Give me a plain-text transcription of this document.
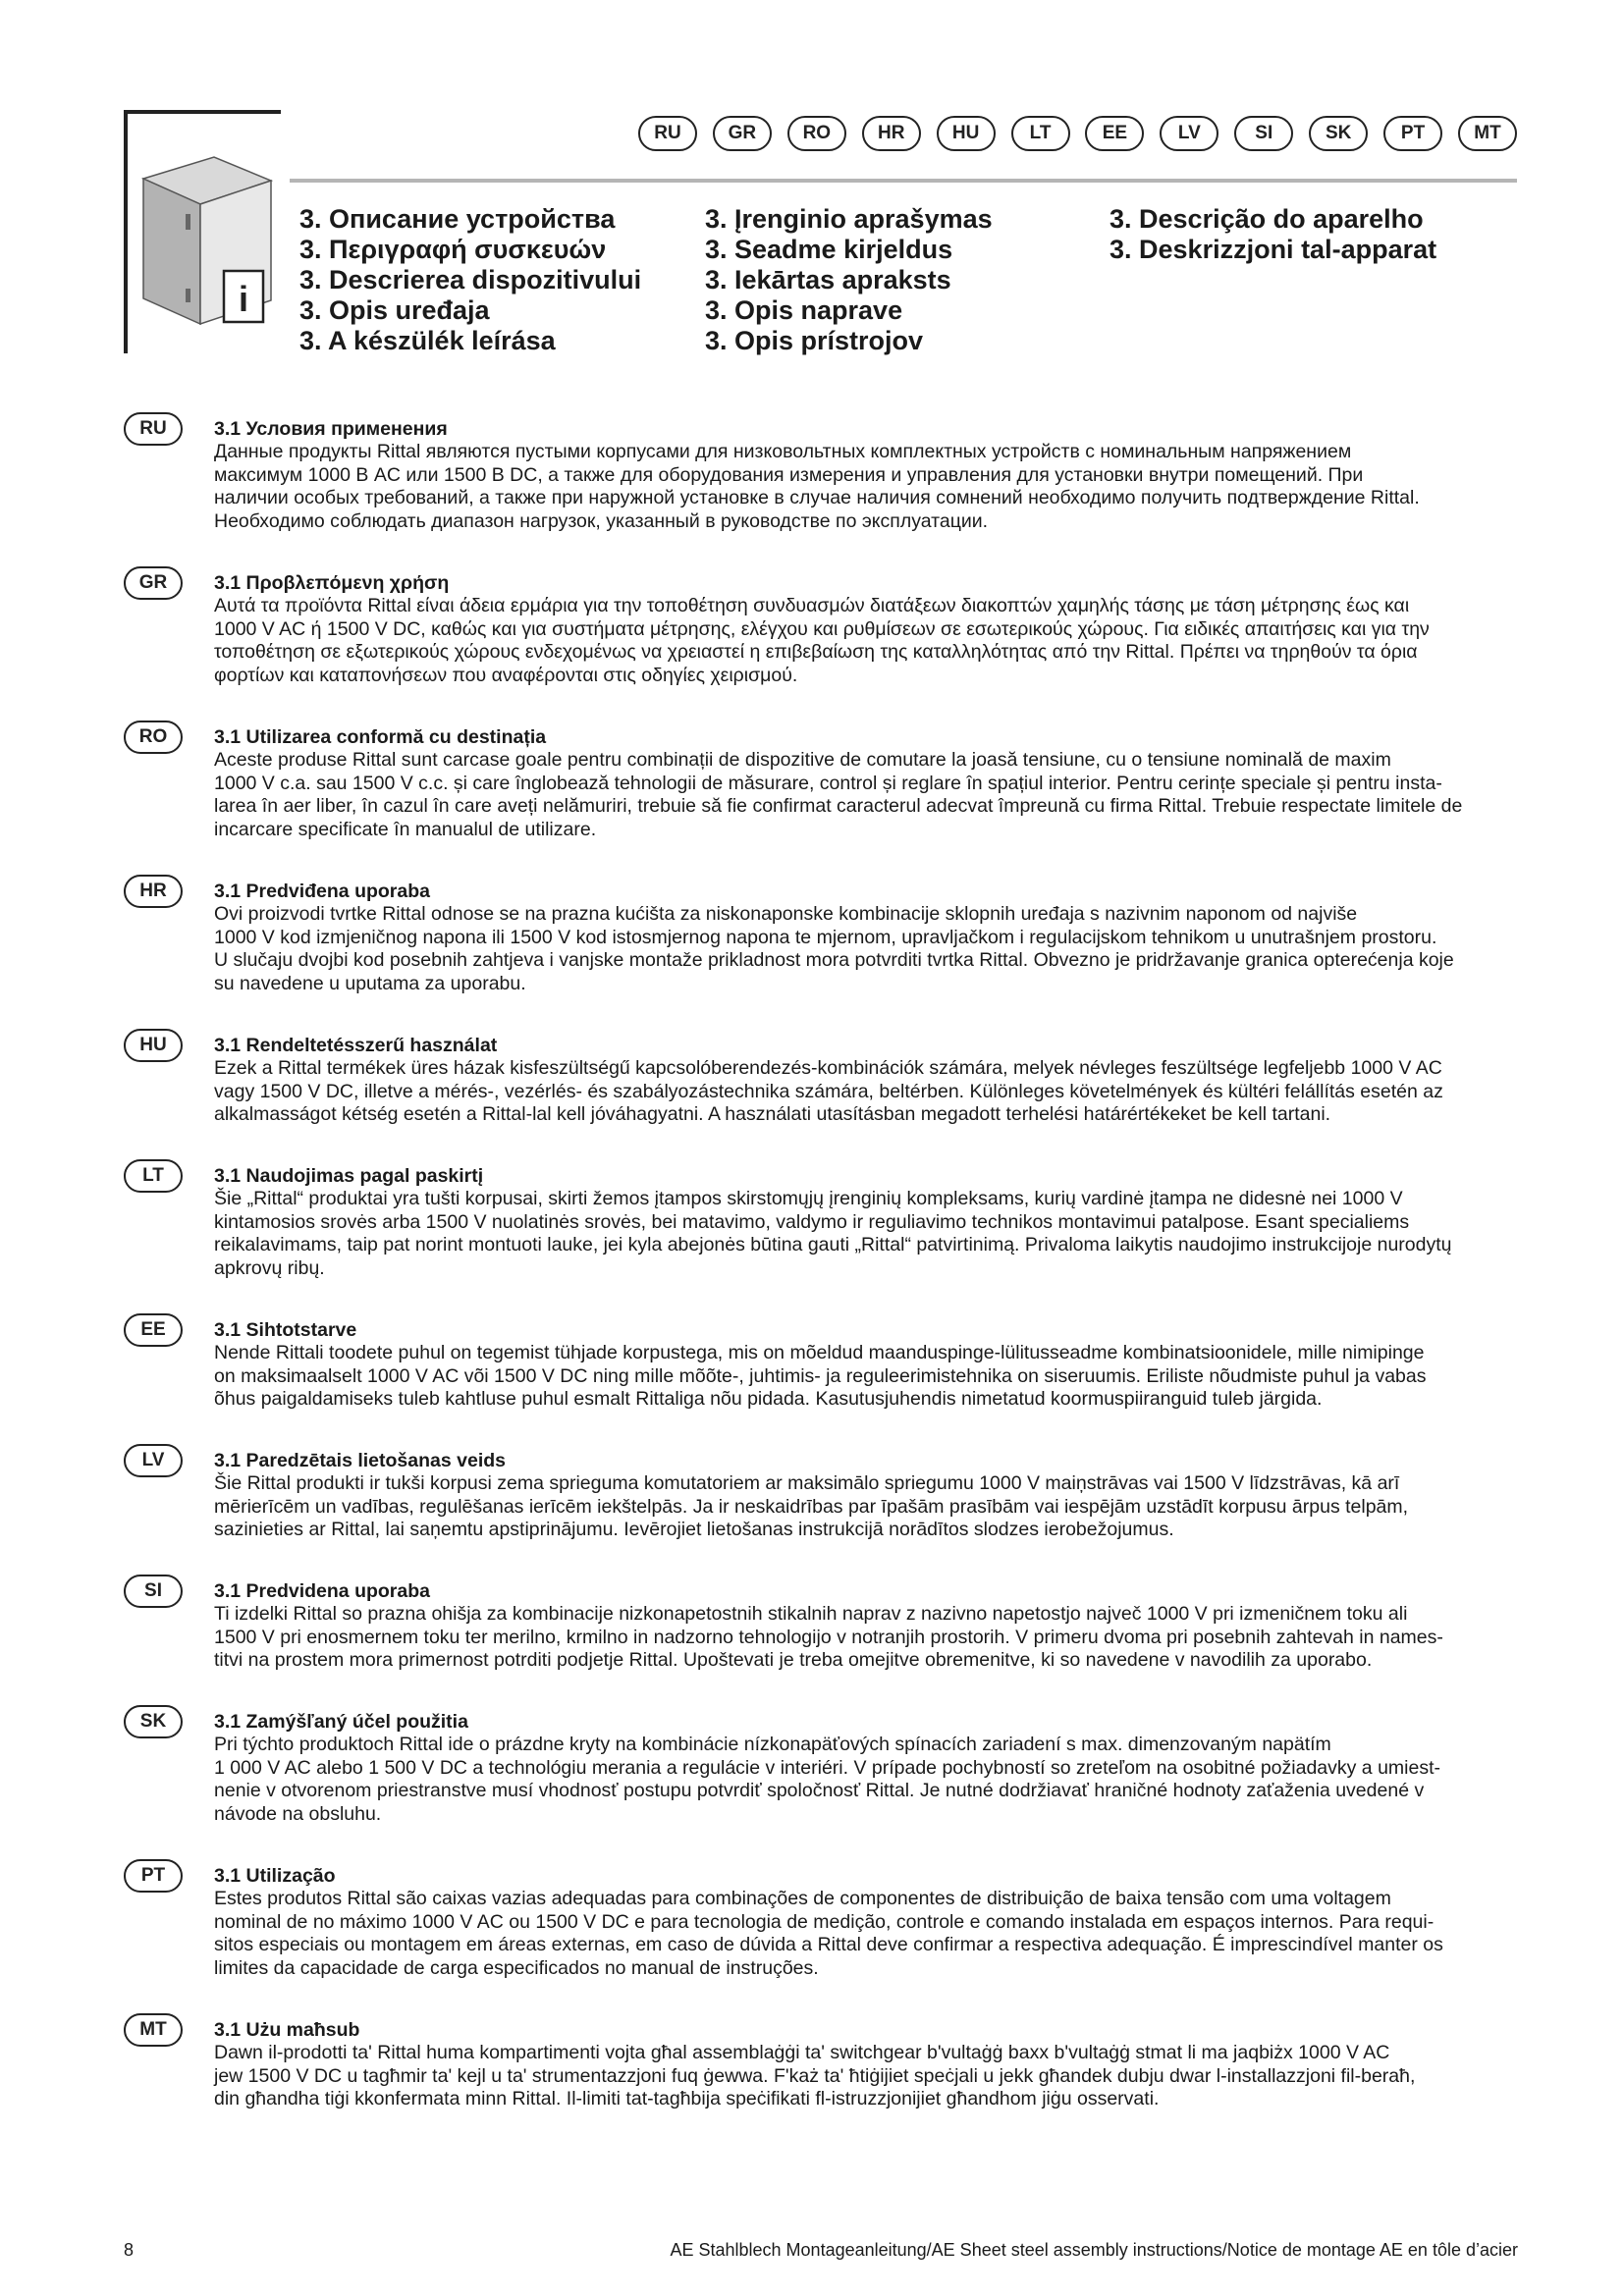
RU	GR	RO	HR	HU	LT	EE	LV	SI	SK	PT	MT
i
3. Описание устройства
3. Περιγραφή συσκευών
3. Descrierea dispozitivului
3. Opis uređaja
3. A készülék leírása
3. Įrenginio aprašymas
3. Seadme kirjeldus
3. Iekārtas apraksts
3. Opis naprave
3. Opis prístrojov
3. Descrição do aparelho
3. Deskrizzjoni tal-apparat
RU	3.1 Условия применения
Данные продукты Rittal являются пустыми корпусами для низковольтных комплектных устройств с номинальным напряжением
максимум 1000 В AC или 1500 В DC, а также для оборудования измерения и управления для установки внутри помещений. При
наличии особых требований, а также при наружной установке в случае наличия сомнений необходимо получить подтверждение Rittal.
Необходимо соблюдать диапазон нагрузок, указанный в руководстве по эксплуатации.
GR	3.1 Προβλεπόμενη χρήση
Αυτά τα προϊόντα Rittal είναι άδεια ερμάρια για την τοποθέτηση συνδυασμών διατάξεων διακοπτών χαμηλής τάσης με τάση μέτρησης έως και
1000 V AC ή 1500 V DC, καθώς και για συστήματα μέτρησης, ελέγχου και ρυθμίσεων σε εσωτερικούς χώρους. Για ειδικές απαιτήσεις και για την
τοποθέτηση σε εξωτερικούς χώρους ενδεχομένως να χρειαστεί η επιβεβαίωση της καταλληλότητας από την Rittal. Πρέπει να τηρηθούν τα όρια
φορτίων και καταπονήσεων που αναφέρονται στις οδηγίες χειρισμού.
RO	3.1 Utilizarea conformă cu destinația
Aceste produse Rittal sunt carcase goale pentru combinații de dispozitive de comutare la joasă tensiune, cu o tensiune nominală de maxim
1000 V c.a. sau 1500 V c.c. și care înglobează tehnologii de măsurare, control și reglare în spațiul interior. Pentru cerințe speciale și pentru insta-
larea în aer liber, în cazul în care aveți nelămuriri, trebuie să fie confirmat caracterul adecvat împreună cu firma Rittal. Trebuie respectate limitele de
incarcare specificate în manualul de utilizare.
HR	3.1 Predviđena uporaba
Ovi proizvodi tvrtke Rittal odnose se na prazna kućišta za niskonaponske kombinacije sklopnih uređaja s nazivnim naponom od najviše
1000 V kod izmjeničnog napona ili 1500 V kod istosmjernog napona te mjernom, upravljačkom i regulacijskom tehnikom u unutrašnjem prostoru.
U slučaju dvojbi kod posebnih zahtjeva i vanjske montaže prikladnost mora potvrditi tvrtka Rittal. Obvezno je pridržavanje granica opterećenja koje
su navedene u uputama za uporabu.
HU	3.1 Rendeltetésszerű használat
Ezek a Rittal termékek üres házak kisfeszültségű kapcsolóberendezés-kombinációk számára, melyek névleges feszültsége legfeljebb 1000 V AC
vagy 1500 V DC, illetve a mérés-, vezérlés- és szabályozástechnika számára, beltérben. Különleges követelmények és kültéri felállítás esetén az
alkalmasságot kétség esetén a Rittal-lal kell jóváhagyatni. A használati utasításban megadott terhelési határértékeket be kell tartani.
LT	3.1 Naudojimas pagal paskirtį
Šie „Rittal“ produktai yra tušti korpusai, skirti žemos įtampos skirstomųjų įrenginių kompleksams, kurių vardinė įtampa ne didesnė nei 1000 V
kintamosios srovės arba 1500 V nuolatinės srovės, bei matavimo, valdymo ir reguliavimo technikos montavimui patalpose. Esant specialiems
reikalavimams, taip pat norint montuoti lauke, jei kyla abejonės būtina gauti „Rittal“ patvirtinimą. Privaloma laikytis naudojimo instrukcijoje nurodytų
apkrovų ribų.
EE	3.1 Sihtotstarve
Nende Rittali toodete puhul on tegemist tühjade korpustega, mis on mõeldud maanduspinge-lülitusseadme kombinatsioonidele, mille nimipinge
on maksimaalselt 1000 V AC või 1500 V DC ning mille mõõte-, juhtimis- ja reguleerimistehnika on siseruumis. Eriliste nõudmiste puhul ja vabas
õhus paigaldamiseks tuleb kahtluse puhul esmalt Rittaliga nõu pidada. Kasutusjuhendis nimetatud koormuspiiranguid tuleb järgida.
LV	3.1 Paredzētais lietošanas veids
Šie Rittal produkti ir tukši korpusi zema sprieguma komutatoriem ar maksimālo spriegumu 1000 V maiņstrāvas vai 1500 V līdzstrāvas, kā arī
mērierīcēm un vadības, regulēšanas ierīcēm iekštelpās. Ja ir neskaidrības par īpašām prasībām vai iespējām uzstādīt korpusu ārpus telpām,
sazinieties ar Rittal, lai saņemtu apstiprinājumu. Ievērojiet lietošanas instrukcijā norādītos slodzes ierobežojumus.
SI	3.1 Predvidena uporaba
Ti izdelki Rittal so prazna ohišja za kombinacije nizkonapetostnih stikalnih naprav z nazivno napetostjo največ 1000 V pri izmeničnem toku ali
1500 V pri enosmernem toku ter merilno, krmilno in nadzorno tehnologijo v notranjih prostorih. V primeru dvoma pri posebnih zahtevah in names-
titvi na prostem mora primernost potrditi podjetje Rittal. Upoštevati je treba omejitve obremenitve, ki so navedene v navodilih za uporabo.
SK	3.1 Zamýšľaný účel použitia
Pri týchto produktoch Rittal ide o prázdne kryty na kombinácie nízkonapäťových spínacích zariadení s max. dimenzovaným napätím
1 000 V AC alebo 1 500 V DC a technológiu merania a regulácie v interiéri. V prípade pochybností so zreteľom na osobitné požiadavky a umiest-
nenie v otvorenom priestranstve musí vhodnosť postupu potvrdiť spoločnosť Rittal. Je nutné dodržiavať hraničné hodnoty zaťaženia uvedené v
návode na obsluhu.
PT	3.1 Utilização
Estes produtos Rittal são caixas vazias adequadas para combinações de componentes de distribuição de baixa tensão com uma voltagem
nominal de no máximo 1000 V AC ou 1500 V DC e para tecnologia de medição, controle e comando instalada em espaços internos. Para requi-
sitos especiais ou montagem em áreas externas, em caso de dúvida a Rittal deve confirmar a respectiva adequação. É imprescindível manter os
limites da capacidade de carga especificados no manual de instruções.
MT	3.1 Użu maħsub
Dawn il-prodotti ta' Rittal huma kompartimenti vojta għal assemblaġġi ta' switchgear b'vultaġġ baxx b'vultaġġ stmat li ma jaqbiżx 1000 V AC
jew 1500 V DC u tagħmir ta' kejl u ta' strumentazzjoni fuq ġewwa. F'każ ta' ħtiġijiet speċjali u jekk għandek dubju dwar l-installazzjoni fil-beraħ,
din għandha tiġi kkonfermata minn Rittal. Il-limiti tat-tagħbija speċifikati fl-istruzzjonijiet għandhom jiġu osservati.
8	AE Stahlblech Montageanleitung/AE Sheet steel assembly instructions/Notice de montage AE en tôle d’acier
